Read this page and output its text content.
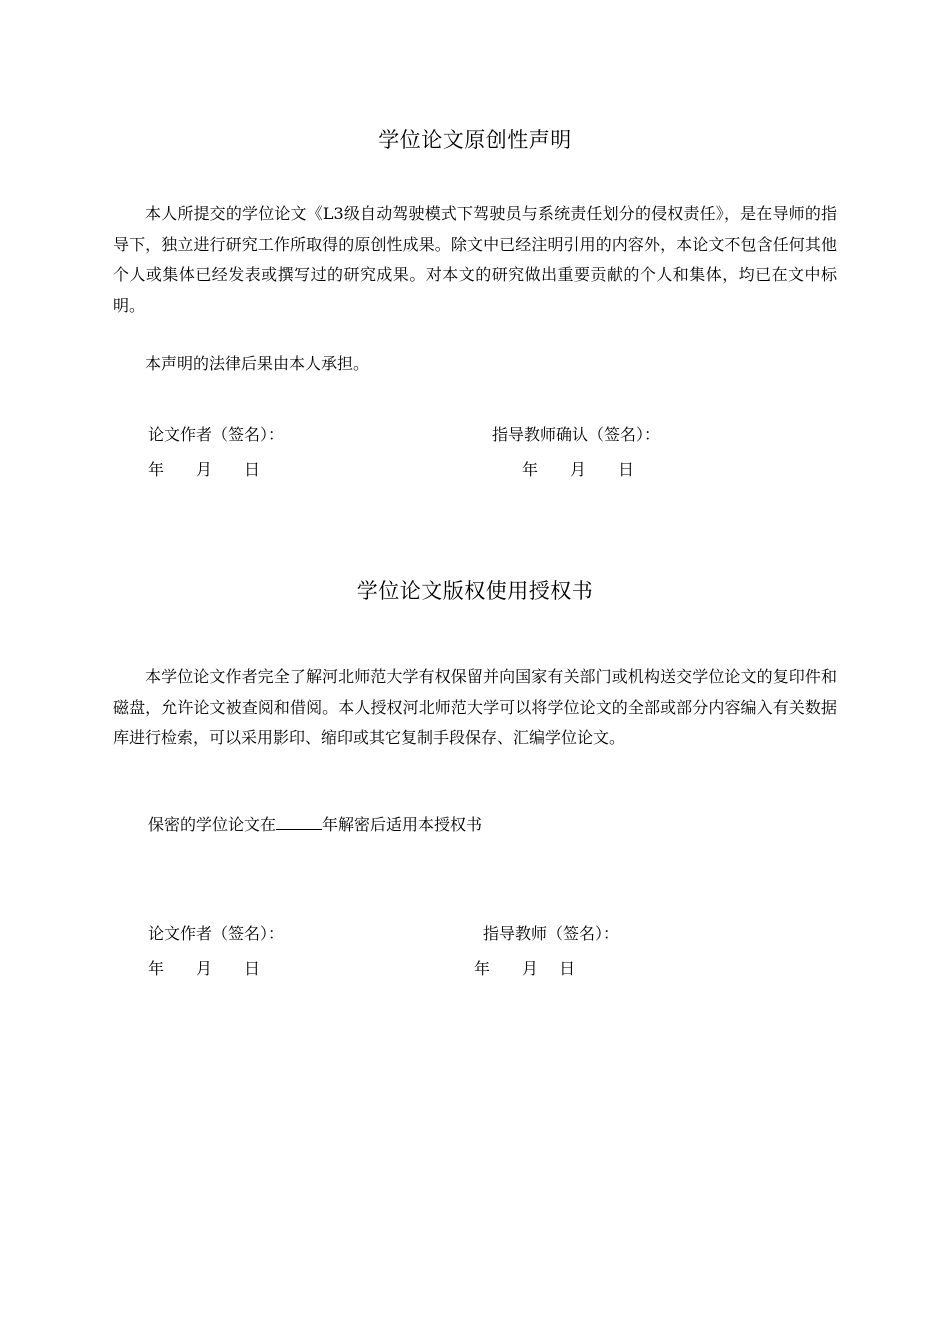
学位论文原创性声明

本人所提交的学位论文《L3级自动驾驶模式下驾驶员与系统责任划分的侵权责任》，是在导师的指导下，独立进行研究工作所取得的原创性成果。除文中已经注明引用的内容外，本论文不包含任何其他个人或集体已经发表或撰写过的研究成果。对本文的研究做出重要贡献的个人和集体，均已在文中标明。

本声明的法律后果由本人承担。

论文作者（签名）：	指导教师确认（签名）：
年　　月　　日	年　　月　　日
学位论文版权使用授权书

本学位论文作者完全了解河北师范大学有权保留并向国家有关部门或机构送交学位论文的复印件和磁盘，允许论文被查阅和借阅。本人授权河北师范大学可以将学位论文的全部或部分内容编入有关数据库进行检索，可以采用影印、缩印或其它复制手段保存、汇编学位论文。

保密的学位论文在	年解密后适用本授权书
论文作者（签名）：	指导教师（签名）：
年　　月　　日	年　　月　 日
